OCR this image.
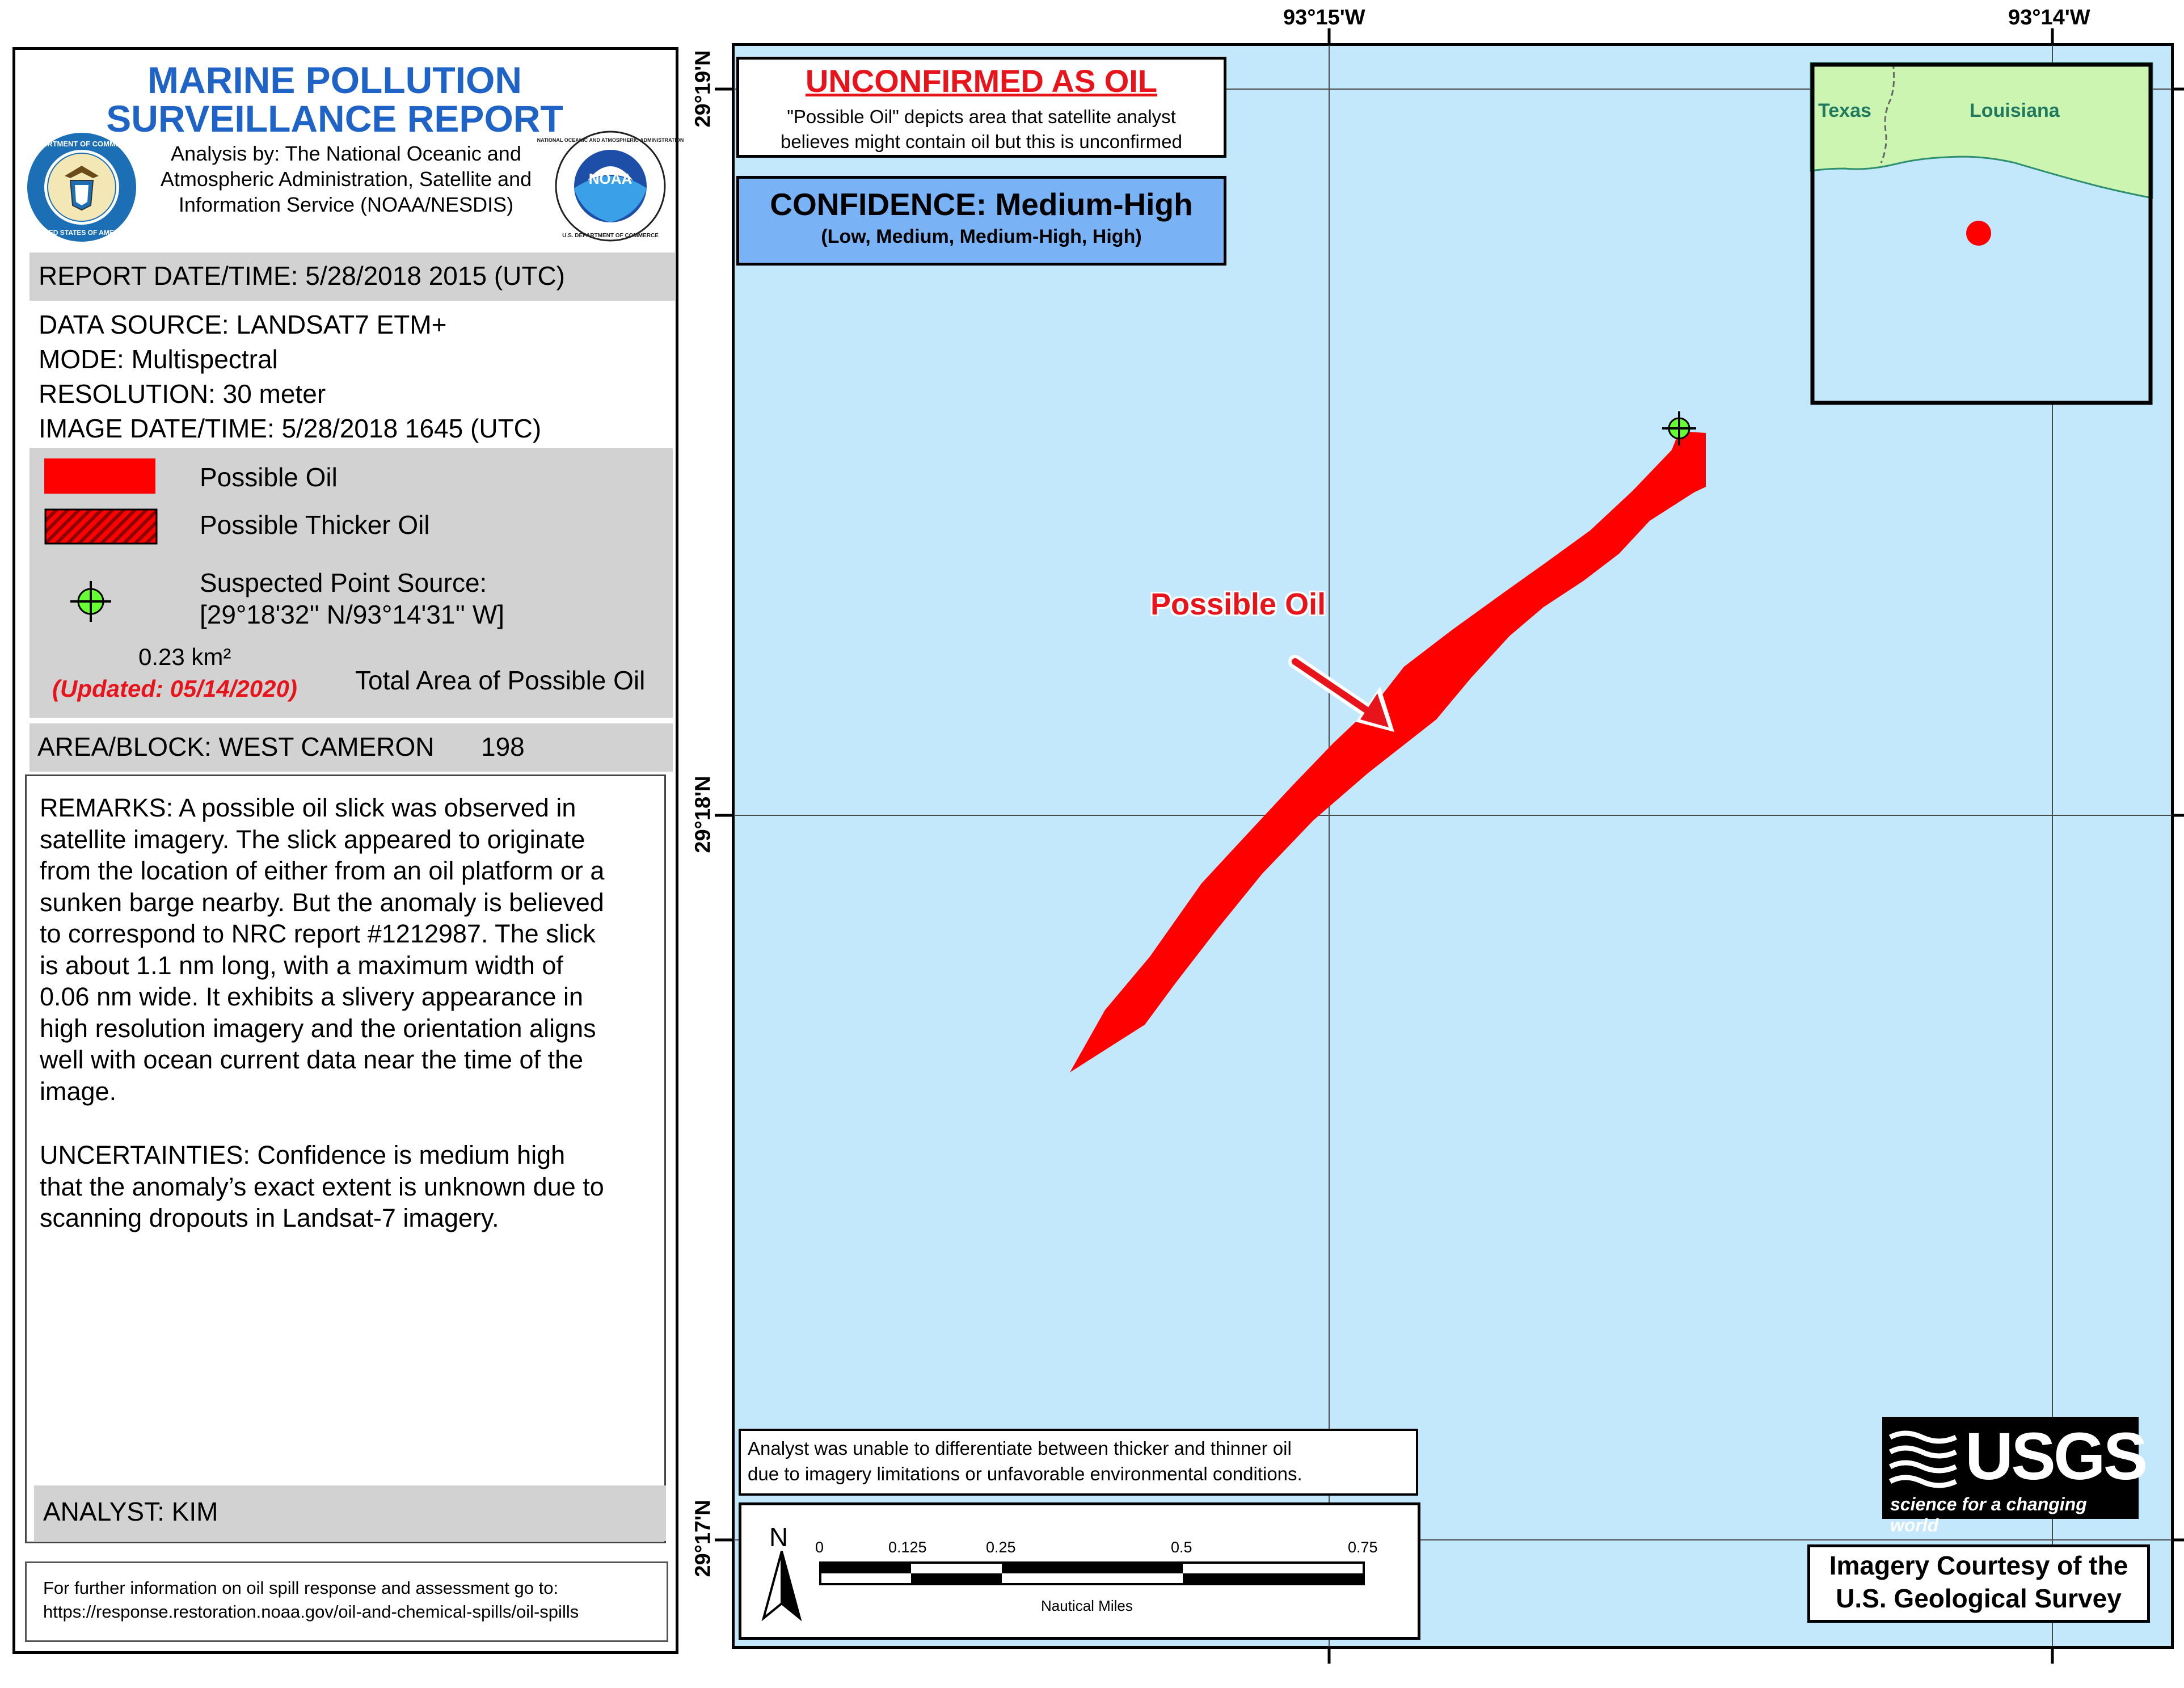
MARINE POLLUTION
SURVEILLANCE REPORT
DEPARTMENT OF COMMERCE
UNITED STATES OF AMERICA
NOAA
NATIONAL OCEANIC AND ATMOSPHERIC ADMINISTRATION
U.S. DEPARTMENT OF COMMERCE
Analysis by: The National Oceanic and
Atmospheric Administration, Satellite and
Information Service (NOAA/NESDIS)
REPORT DATE/TIME: 5/28/2018 2015 (UTC)
DATA SOURCE: LANDSAT7 ETM+
MODE: Multispectral
RESOLUTION: 30 meter
IMAGE DATE/TIME: 5/28/2018 1645 (UTC)
Possible Oil
Possible Thicker Oil
Suspected Point Source:
[29°18'32'' N/93°14'31'' W]
0.23 km²
(Updated: 05/14/2020) Total Area of Possible Oil
AREA/BLOCK: WEST CAMERON 198
REMARKS: A possible oil slick was observed in
satellite imagery. The slick appeared to originate
from the location of either from an oil platform or a
sunken barge nearby. But the anomaly is believed
to correspond to NRC report #1212987. The slick
is about 1.1 nm long, with a maximum width of
0.06 nm wide. It exhibits a slivery appearance in
high resolution imagery and the orientation aligns
well with ocean current data near the time of the
image.
UNCERTAINTIES: Confidence is medium high
that the anomaly’s exact extent is unknown due to
scanning dropouts in Landsat-7 imagery.
ANALYST: KIM
For further information on oil spill response and assessment go to:
https://response.restoration.noaa.gov/oil-and-chemical-spills/oil-spills
93°15'W	93°14'W
29°19'N
29°18'N
29°17'N
Possible Oil
UNCONFIRMED AS OIL
"Possible Oil" depicts area that satellite analyst
believes might contain oil but this is unconfirmed
CONFIDENCE: Medium-High
(Low, Medium, Medium-High, High)
Texas	Louisiana
Analyst was unable to differentiate between thicker and thinner oil
due to imagery limitations or unfavorable environmental conditions.
N 0	0.125	0.25	0.5	0.75
Nautical Miles
USGS
science for a changing world
Imagery Courtesy of the
U.S. Geological Survey
